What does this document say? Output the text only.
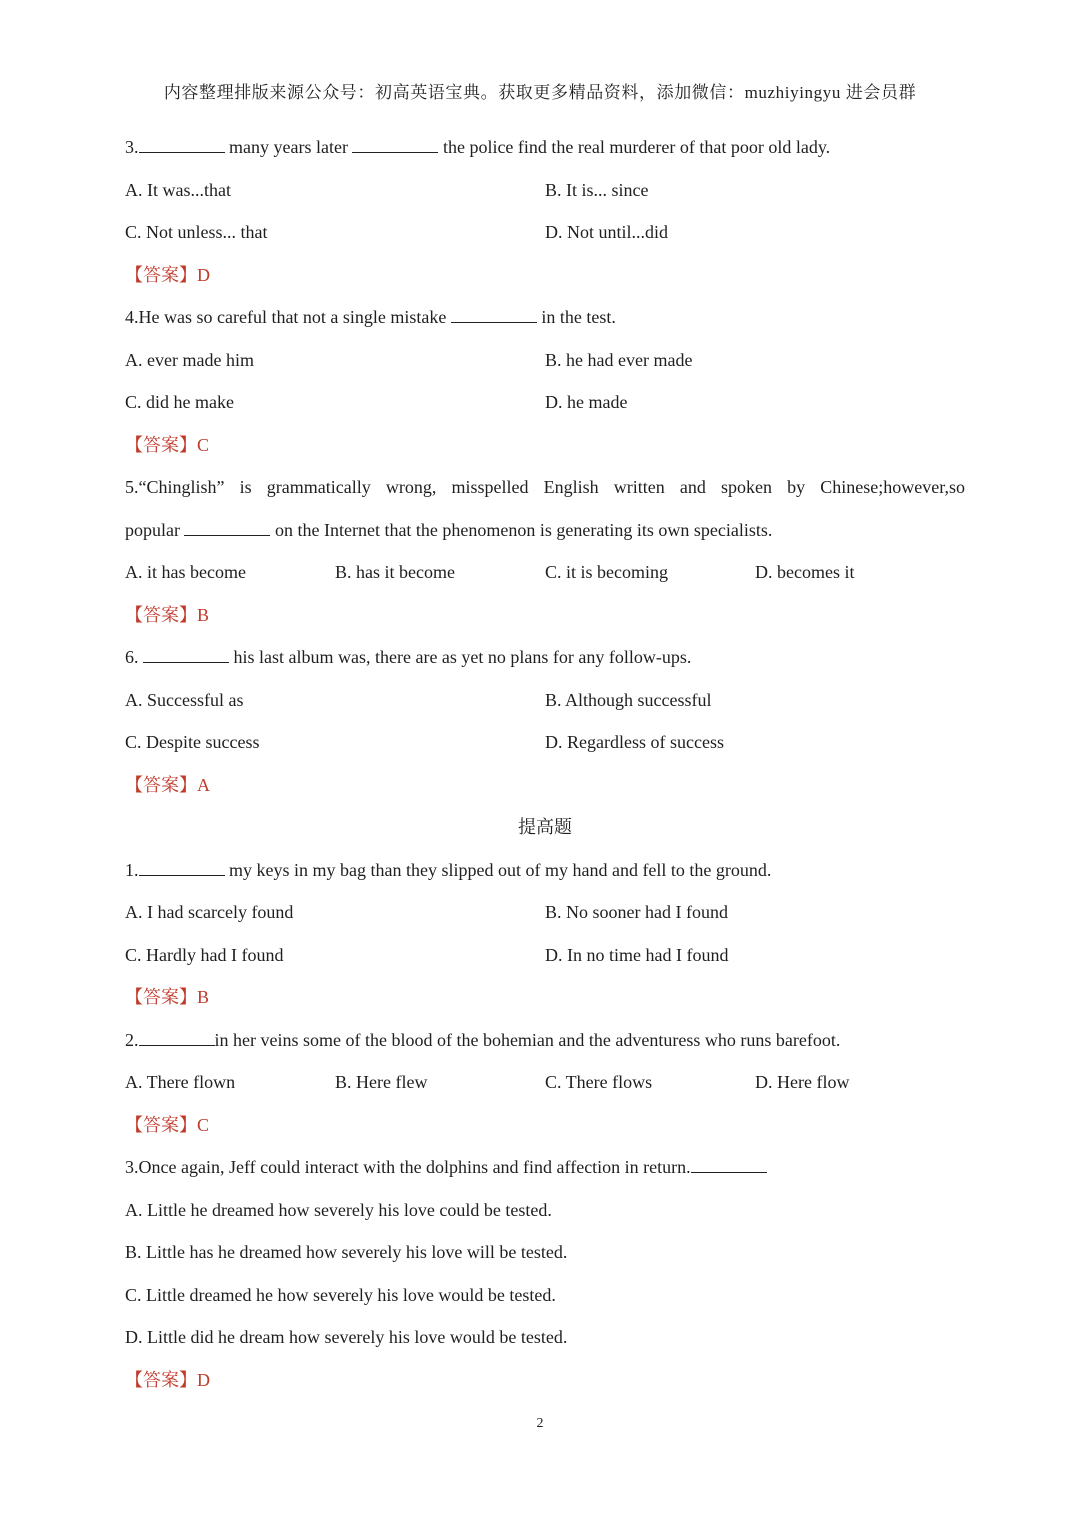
内容整理排版来源公众号：初高英语宝典。获取更多精品资料，添加微信：muzhiyingyu 进会员群
3.	many years later	the police find the real murderer of that poor old lady.
A. It was...that	B. It is... since
C. Not unless... that	D. Not until...did
【答案】D
4.He was so careful that not a single mistake	in the test.
A. ever made him	B. he had ever made
C. did he make	D. he made
【答案】C
5.“Chinglish” is grammatically wrong, misspelled English written and spoken by Chinese;however,so
popular	on the Internet that the phenomenon is generating its own specialists.
A. it has become	B. has it become	C. it is becoming	D. becomes it
【答案】B
6.	his last album was, there are as yet no plans for any follow-ups.
A. Successful as	B. Although successful
C. Despite success	D. Regardless of success
【答案】A
提高题
1.	my keys in my bag than they slipped out of my hand and fell to the ground.
A. I had scarcely found	B. No sooner had I found
C. Hardly had I found	D. In no time had I found
【答案】B
2.	in her veins some of the blood of the bohemian and the adventuress who runs barefoot.
A. There flown	B. Here flew	C. There flows	D. Here flow
【答案】C
3.Once again, Jeff could interact with the dolphins and find affection in return.
A. Little he dreamed how severely his love could be tested.
B. Little has he dreamed how severely his love will be tested.
C. Little dreamed he how severely his love would be tested.
D. Little did he dream how severely his love would be tested.
【答案】D
2
